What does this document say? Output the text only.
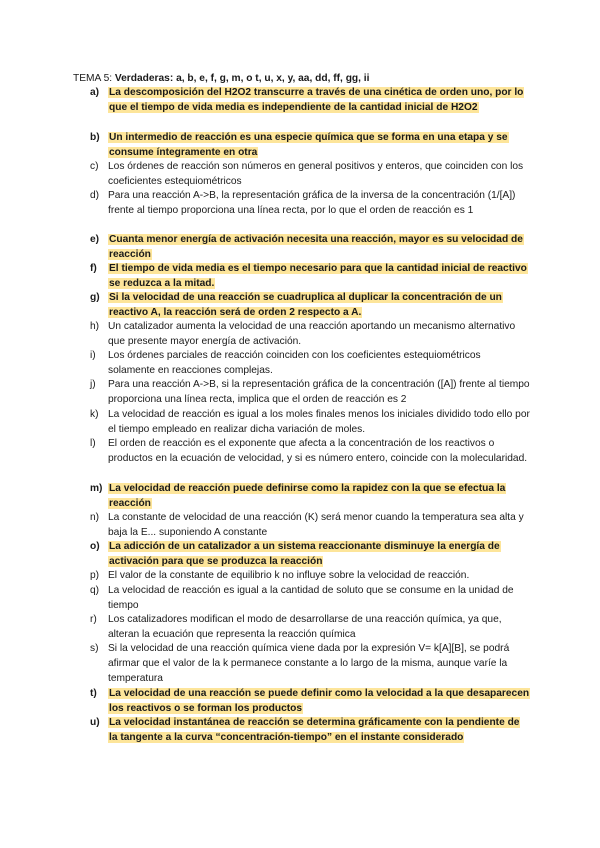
TEMA 5: Verdaderas: a, b, e, f, g, m, o t, u, x, y, aa, dd, ff, gg, ii
a) La descomposición del H2O2 transcurre a través de una cinética de orden uno, por lo que el tiempo de vida media es independiente de la cantidad inicial de H2O2
b) Un intermedio de reacción es una especie química que se forma en una etapa y se consume íntegramente en otra
c) Los órdenes de reacción son números en general positivos y enteros, que coinciden con los coeficientes estequiométricos
d) Para una reacción A->B, la representación gráfica de la inversa de la concentración (1/[A]) frente al tiempo proporciona una línea recta, por lo que el orden de reacción es 1
e) Cuanta menor energía de activación necesita una reacción, mayor es su velocidad de reacción
f)	El tiempo de vida media es el tiempo necesario para que la cantidad inicial de reactivo se reduzca a la mitad.
g) Si la velocidad de una reacción se cuadruplica al duplicar la concentración de un reactivo A, la reacción será de orden 2 respecto a A.
h) Un catalizador aumenta la velocidad de una reacción aportando un mecanismo alternativo que presente mayor energía de activación.
i)	Los órdenes parciales de reacción coinciden con los coeficientes estequiométricos solamente en reacciones complejas.
j)	Para una reacción A->B, si la representación gráfica de la concentración ([A]) frente al tiempo proporciona una línea recta, implica que el orden de reacción es 2
k) La velocidad de reacción es igual a los moles finales menos los iniciales dividido todo ello por el tiempo empleado en realizar dicha variación de moles.
l)	El orden de reacción es el exponente que afecta a la concentración de los reactivos o productos en la ecuación de velocidad, y si es número entero, coincide con la molecularidad.
m) La velocidad de reacción puede definirse como la rapidez con la que se efectua la reacción
n) La constante de velocidad de una reacción (K) será menor cuando la temperatura sea alta y baja la E... suponiendo A constante
o) La adicción de un catalizador a un sistema reaccionante disminuye la energía de activación para que se produzca la reacción
p) El valor de la constante de equilibrio k no influye sobre la velocidad de reacción.
q) La velocidad de reacción es igual a la cantidad de soluto que se consume en la unidad de tiempo
r)	Los catalizadores modifican el modo de desarrollarse de una reacción química, ya que, alteran la ecuación que representa la reacción química
s) Si la velocidad de una reacción química viene dada por la expresión V= k[A][B], se podrá afirmar que el valor de la k permanece constante a lo largo de la misma, aunque varíe la temperatura
t)	La velocidad de una reacción se puede definir como la velocidad a la que desaparecen los reactivos o se forman los productos
u) La velocidad instantánea de reacción se determina gráficamente con la pendiente de la tangente a la curva “concentración-tiempo” en el instante considerado
